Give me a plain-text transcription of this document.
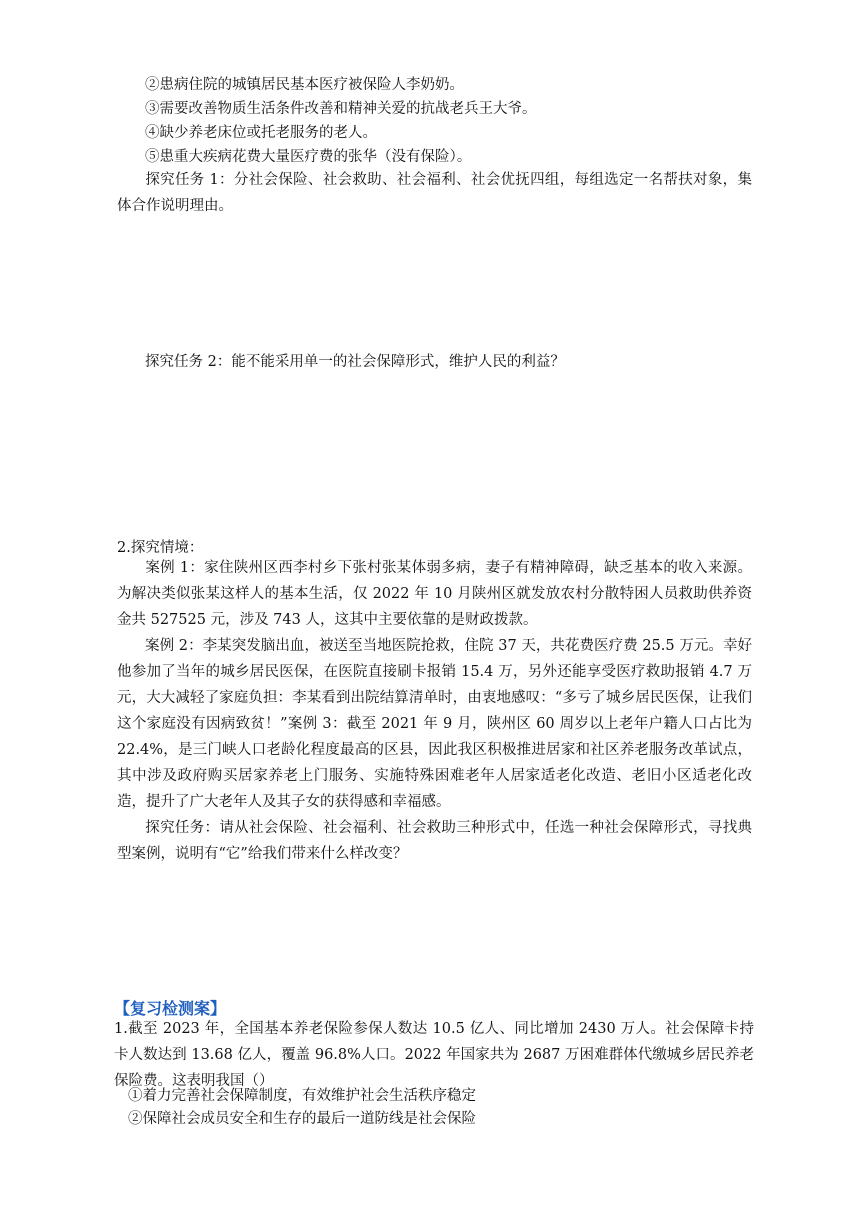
②患病住院的城镇居民基本医疗被保险人李奶奶。
③需要改善物质生活条件改善和精神关爱的抗战老兵王大爷。
④缺少养老床位或托老服务的老人。
⑤患重大疾病花费大量医疗费的张华（没有保险）。
探究任务 1：分社会保险、社会救助、社会福利、社会优抚四组，每组选定一名帮扶对象，集体合作说明理由。
探究任务 2：能不能采用单一的社会保障形式，维护人民的利益？
2.探究情境：
案例 1：家住陕州区西李村乡下张村张某体弱多病，妻子有精神障碍，缺乏基本的收入来源。为解决类似张某这样人的基本生活，仅 2022 年 10 月陕州区就发放农村分散特困人员救助供养资金共 527525 元，涉及 743 人，这其中主要依靠的是财政拨款。
案例 2：李某突发脑出血，被送至当地医院抢救，住院 37 天，共花费医疗费 25.5 万元。幸好他参加了当年的城乡居民医保，在医院直接刷卡报销 15.4 万，另外还能享受医疗救助报销 4.7 万元，大大减轻了家庭负担：李某看到出院结算清单时，由衷地感叹：“多亏了城乡居民医保，让我们这个家庭没有因病致贫！”案例 3：截至 2021 年 9 月，陕州区 60 周岁以上老年户籍人口占比为 22.4%，是三门峡人口老龄化程度最高的区县，因此我区积极推进居家和社区养老服务改革试点，其中涉及政府购买居家养老上门服务、实施特殊困难老年人居家适老化改造、老旧小区适老化改造，提升了广大老年人及其子女的获得感和幸福感。
探究任务：请从社会保险、社会福利、社会救助三种形式中，任选一种社会保障形式，寻找典型案例，说明有“它”给我们带来什么样改变？
【复习检测案】
1.截至 2023 年，全国基本养老保险参保人数达 10.5 亿人、同比增加 2430 万人。社会保障卡持卡人数达到 13.68 亿人，覆盖 96.8%人口。2022 年国家共为 2687 万困难群体代缴城乡居民养老保险费。这表明我国（）
①着力完善社会保障制度，有效维护社会生活秩序稳定
②保障社会成员安全和生存的最后一道防线是社会保险
